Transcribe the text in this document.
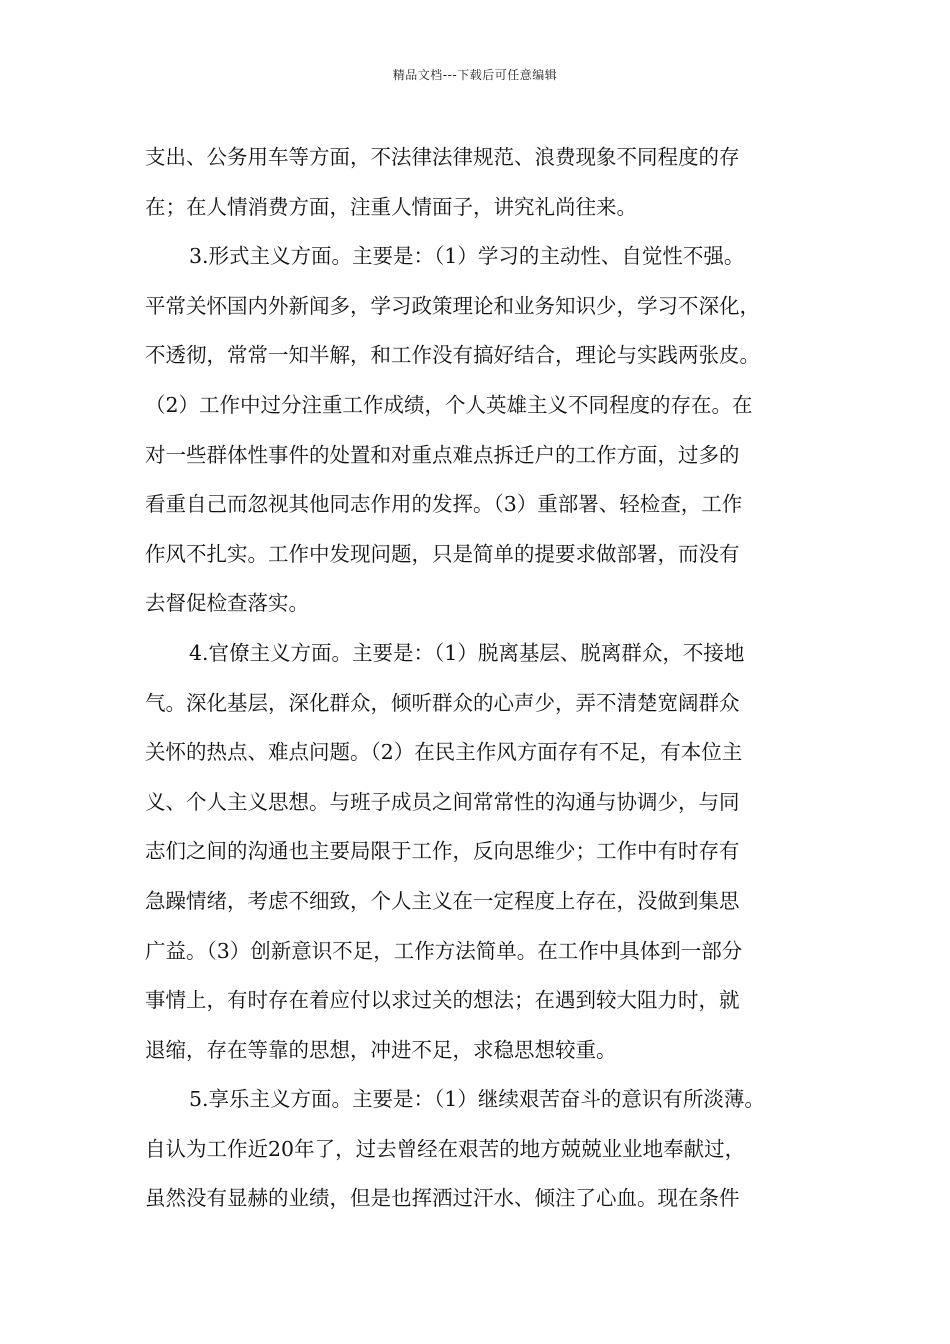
精品文档---下载后可任意编辑
支出、公务用车等方面，不法律法律规范、浪费现象不同程度的存
在；在人情消费方面，注重人情面子，讲究礼尚往来。
3.形式主义方面。主要是：（1）学习的主动性、自觉性不强。
平常关怀国内外新闻多，学习政策理论和业务知识少，学习不深化，
不透彻，常常一知半解，和工作没有搞好结合，理论与实践两张皮。
（2）工作中过分注重工作成绩，个人英雄主义不同程度的存在。在
对一些群体性事件的处置和对重点难点拆迁户的工作方面，过多的
看重自己而忽视其他同志作用的发挥。（3）重部署、轻检查，工作
作风不扎实。工作中发现问题，只是简单的提要求做部署，而没有
去督促检查落实。
4.官僚主义方面。主要是：（1）脱离基层、脱离群众，不接地
气。深化基层，深化群众，倾听群众的心声少，弄不清楚宽阔群众
关怀的热点、难点问题。（2）在民主作风方面存有不足，有本位主
义、个人主义思想。与班子成员之间常常性的沟通与协调少，与同
志们之间的沟通也主要局限于工作，反向思维少；工作中有时存有
急躁情绪，考虑不细致，个人主义在一定程度上存在，没做到集思
广益。（3）创新意识不足，工作方法简单。在工作中具体到一部分
事情上，有时存在着应付以求过关的想法；在遇到较大阻力时，就
退缩，存在等靠的思想，冲进不足，求稳思想较重。
5.享乐主义方面。主要是：（1）继续艰苦奋斗的意识有所淡薄。
自认为工作近20年了，过去曾经在艰苦的地方兢兢业业地奉献过，
虽然没有显赫的业绩，但是也挥洒过汗水、倾注了心血。现在条件
